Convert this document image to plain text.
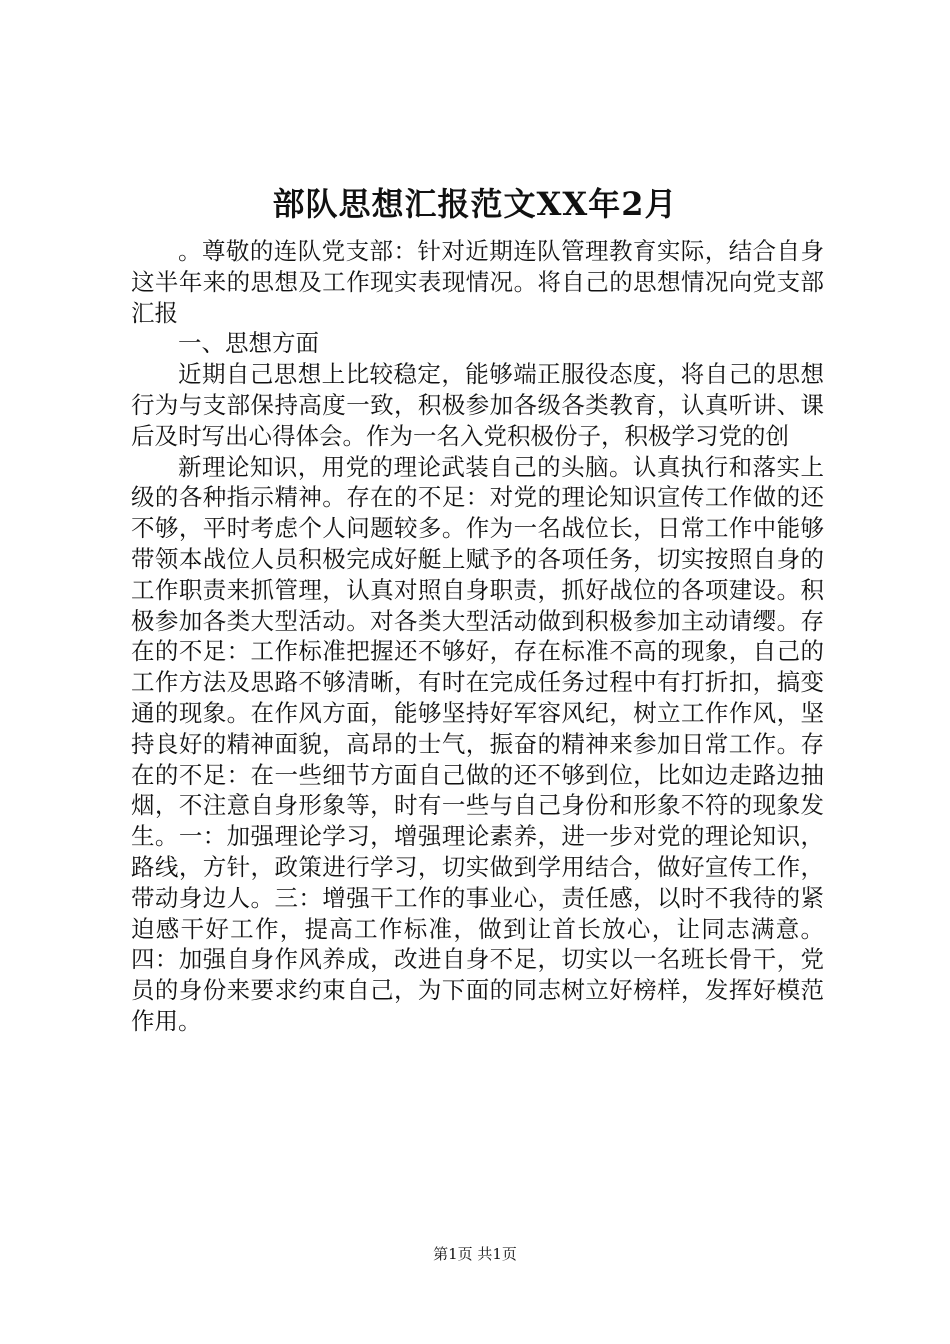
部队思想汇报范文XX年2月

。尊敬的连队党支部：针对近期连队管理教育实际，结合自身这半年来的思想及工作现实表现情况。将自己的思想情况向党支部汇报

一、思想方面

近期自己思想上比较稳定，能够端正服役态度，将自己的思想行为与支部保持高度一致，积极参加各级各类教育，认真听讲、课后及时写出心得体会。作为一名入党积极份子，积极学习党的创

新理论知识，用党的理论武装自己的头脑。认真执行和落实上级的各种指示精神。存在的不足：对党的理论知识宣传工作做的还不够，平时考虑个人问题较多。作为一名战位长，日常工作中能够带领本战位人员积极完成好艇上赋予的各项任务，切实按照自身的工作职责来抓管理，认真对照自身职责，抓好战位的各项建设。积极参加各类大型活动。对各类大型活动做到积极参加主动请缨。存在的不足：工作标准把握还不够好，存在标准不高的现象，自己的工作方法及思路不够清晰，有时在完成任务过程中有打折扣，搞变通的现象。在作风方面，能够坚持好军容风纪，树立工作作风，坚持良好的精神面貌，高昂的士气，振奋的精神来参加日常工作。存在的不足：在一些细节方面自己做的还不够到位，比如边走路边抽烟，不注意自身形象等，时有一些与自己身份和形象不符的现象发生。一：加强理论学习，增强理论素养，进一步对党的理论知识，路线，方针，政策进行学习，切实做到学用结合，做好宣传工作，带动身边人。三：增强干工作的事业心，责任感，以时不我待的紧迫感干好工作，提高工作标准，做到让首长放心，让同志满意。四：加强自身作风养成，改进自身不足，切实以一名班长骨干，党员的身份来要求约束自己，为下面的同志树立好榜样，发挥好模范作用。

第1页 共1页
